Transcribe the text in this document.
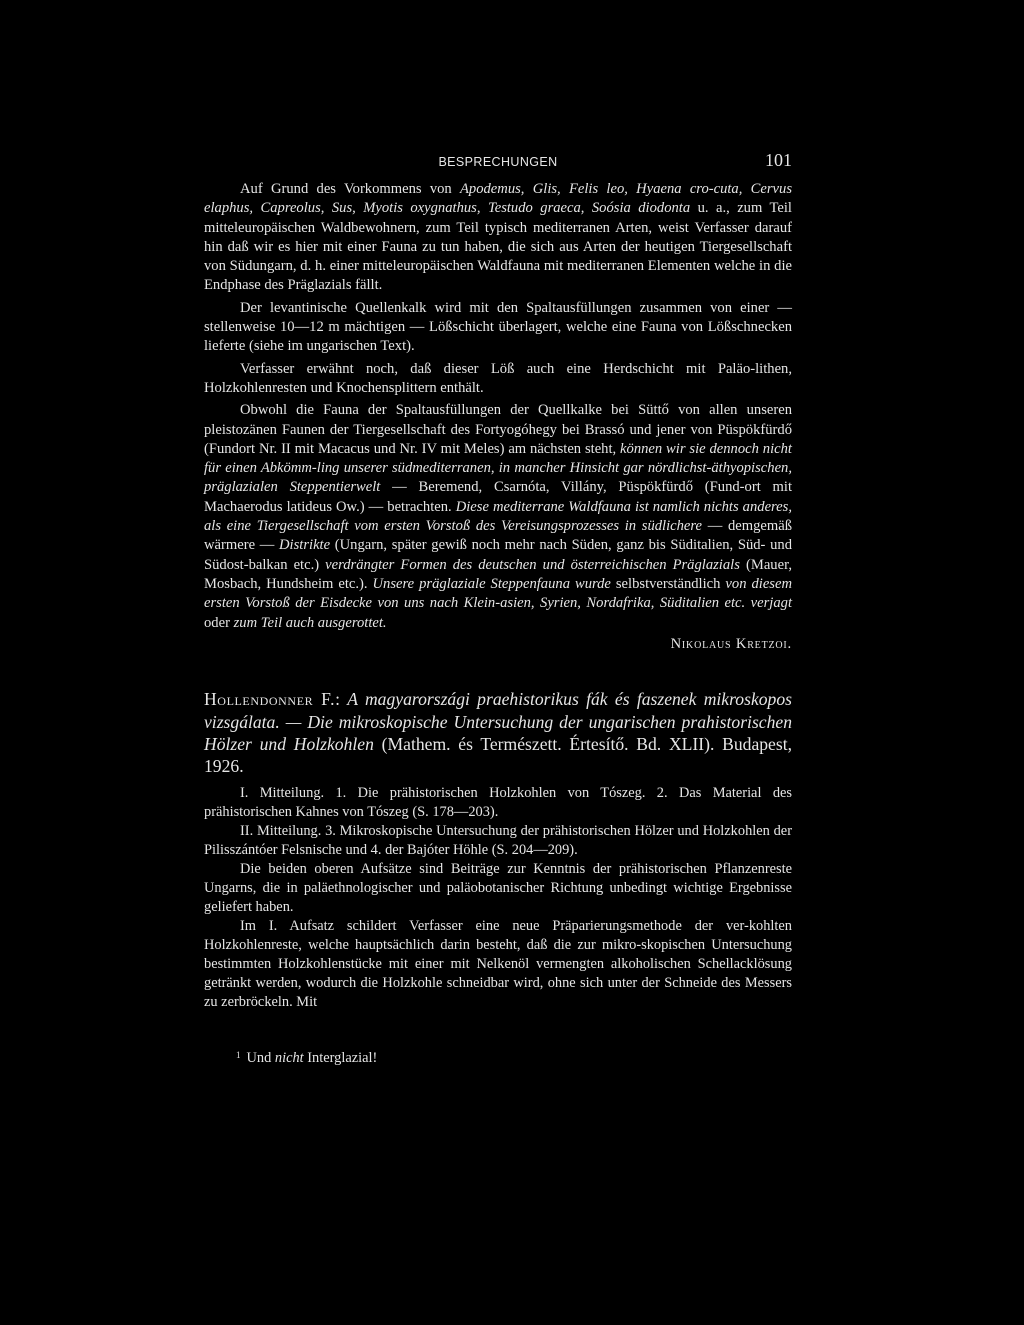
BESPRECHUNGEN	101

Auf Grund des Vorkommens von Apodemus, Glis, Felis leo, Hyaena cro-cuta, Cervus elaphus, Capreolus, Sus, Myotis oxygnathus, Testudo graeca, Soósia diodonta u. a., zum Teil mitteleuropäischen Waldbewohnern, zum Teil typisch mediterranen Arten, weist Verfasser darauf hin daß wir es hier mit einer Fauna zu tun haben, die sich aus Arten der heutigen Tiergesellschaft von Südungarn, d. h. einer mitteleuropäischen Waldfauna mit mediterranen Elementen welche in die Endphase des Präglazials fällt.

Der levantinische Quellenkalk wird mit den Spaltausfüllungen zusammen von einer — stellenweise 10—12 m mächtigen — Lößschicht überlagert, welche eine Fauna von Lößschnecken lieferte (siehe im ungarischen Text).

Verfasser erwähnt noch, daß dieser Löß auch eine Herdschicht mit Paläo-lithen, Holzkohlenresten und Knochensplittern enthält.

Obwohl die Fauna der Spaltausfüllungen der Quellkalke bei Süttő von allen unseren pleistozänen Faunen der Tiergesellschaft des Fortyogóhegy bei Brassó und jener von Püspökfürdő (Fundort Nr. II mit Macacus und Nr. IV mit Meles) am nächsten steht, können wir sie dennoch nicht für einen Abkömm-ling unserer südmediterranen, in mancher Hinsicht gar nördlichst-äthyopischen, präglazialen Steppentierwelt — Beremend, Csarnóta, Villány, Püspökfürdő (Fund-ort mit Machaerodus latideus Ow.) — betrachten. Diese mediterrane Waldfauna ist namlich nichts anderes, als eine Tiergesellschaft vom ersten Vorstoß des Vereisungsprozesses in südlichere — demgemäß wärmere — Distrikte (Ungarn, später gewiß noch mehr nach Süden, ganz bis Süditalien, Süd- und Südost-balkan etc.) verdrängter Formen des deutschen und österreichischen Präglazials (Mauer, Mosbach, Hundsheim etc.). Unsere präglaziale Steppenfauna wurde selbstverständlich von diesem ersten Vorstoß der Eisdecke von uns nach Klein-asien, Syrien, Nordafrika, Süditalien etc. verjagt oder zum Teil auch ausgerottet.

Nikolaus Kretzoi.
Hollendonner F.: A magyarországi praehistorikus fák és faszenek mikroskopos vizsgálata. — Die mikroskopische Untersuchung der ungarischen prahistorischen Hölzer und Holzkohlen (Mathem. és Természett. Értesítő. Bd. XLII). Budapest, 1926.

I. Mitteilung. 1. Die prähistorischen Holzkohlen von Tószeg. 2. Das Material des prähistorischen Kahnes von Tószeg (S. 178—203).

II. Mitteilung. 3. Mikroskopische Untersuchung der prähistorischen Hölzer und Holzkohlen der Pilisszántóer Felsnische und 4. der Bajóter Höhle (S. 204—209).

Die beiden oberen Aufsätze sind Beiträge zur Kenntnis der prähistorischen Pflanzenreste Ungarns, die in paläethnologischer und paläobotanischer Richtung unbedingt wichtige Ergebnisse geliefert haben.

Im I. Aufsatz schildert Verfasser eine neue Präparierungsmethode der ver-kohlten Holzkohlenreste, welche hauptsächlich darin besteht, daß die zur mikro-skopischen Untersuchung bestimmten Holzkohlenstücke mit einer mit Nelkenöl vermengten alkoholischen Schellacklösung getränkt werden, wodurch die Holzkohle schneidbar wird, ohne sich unter der Schneide des Messers zu zerbröckeln. Mit

$^1$ Und nicht Interglazial!
